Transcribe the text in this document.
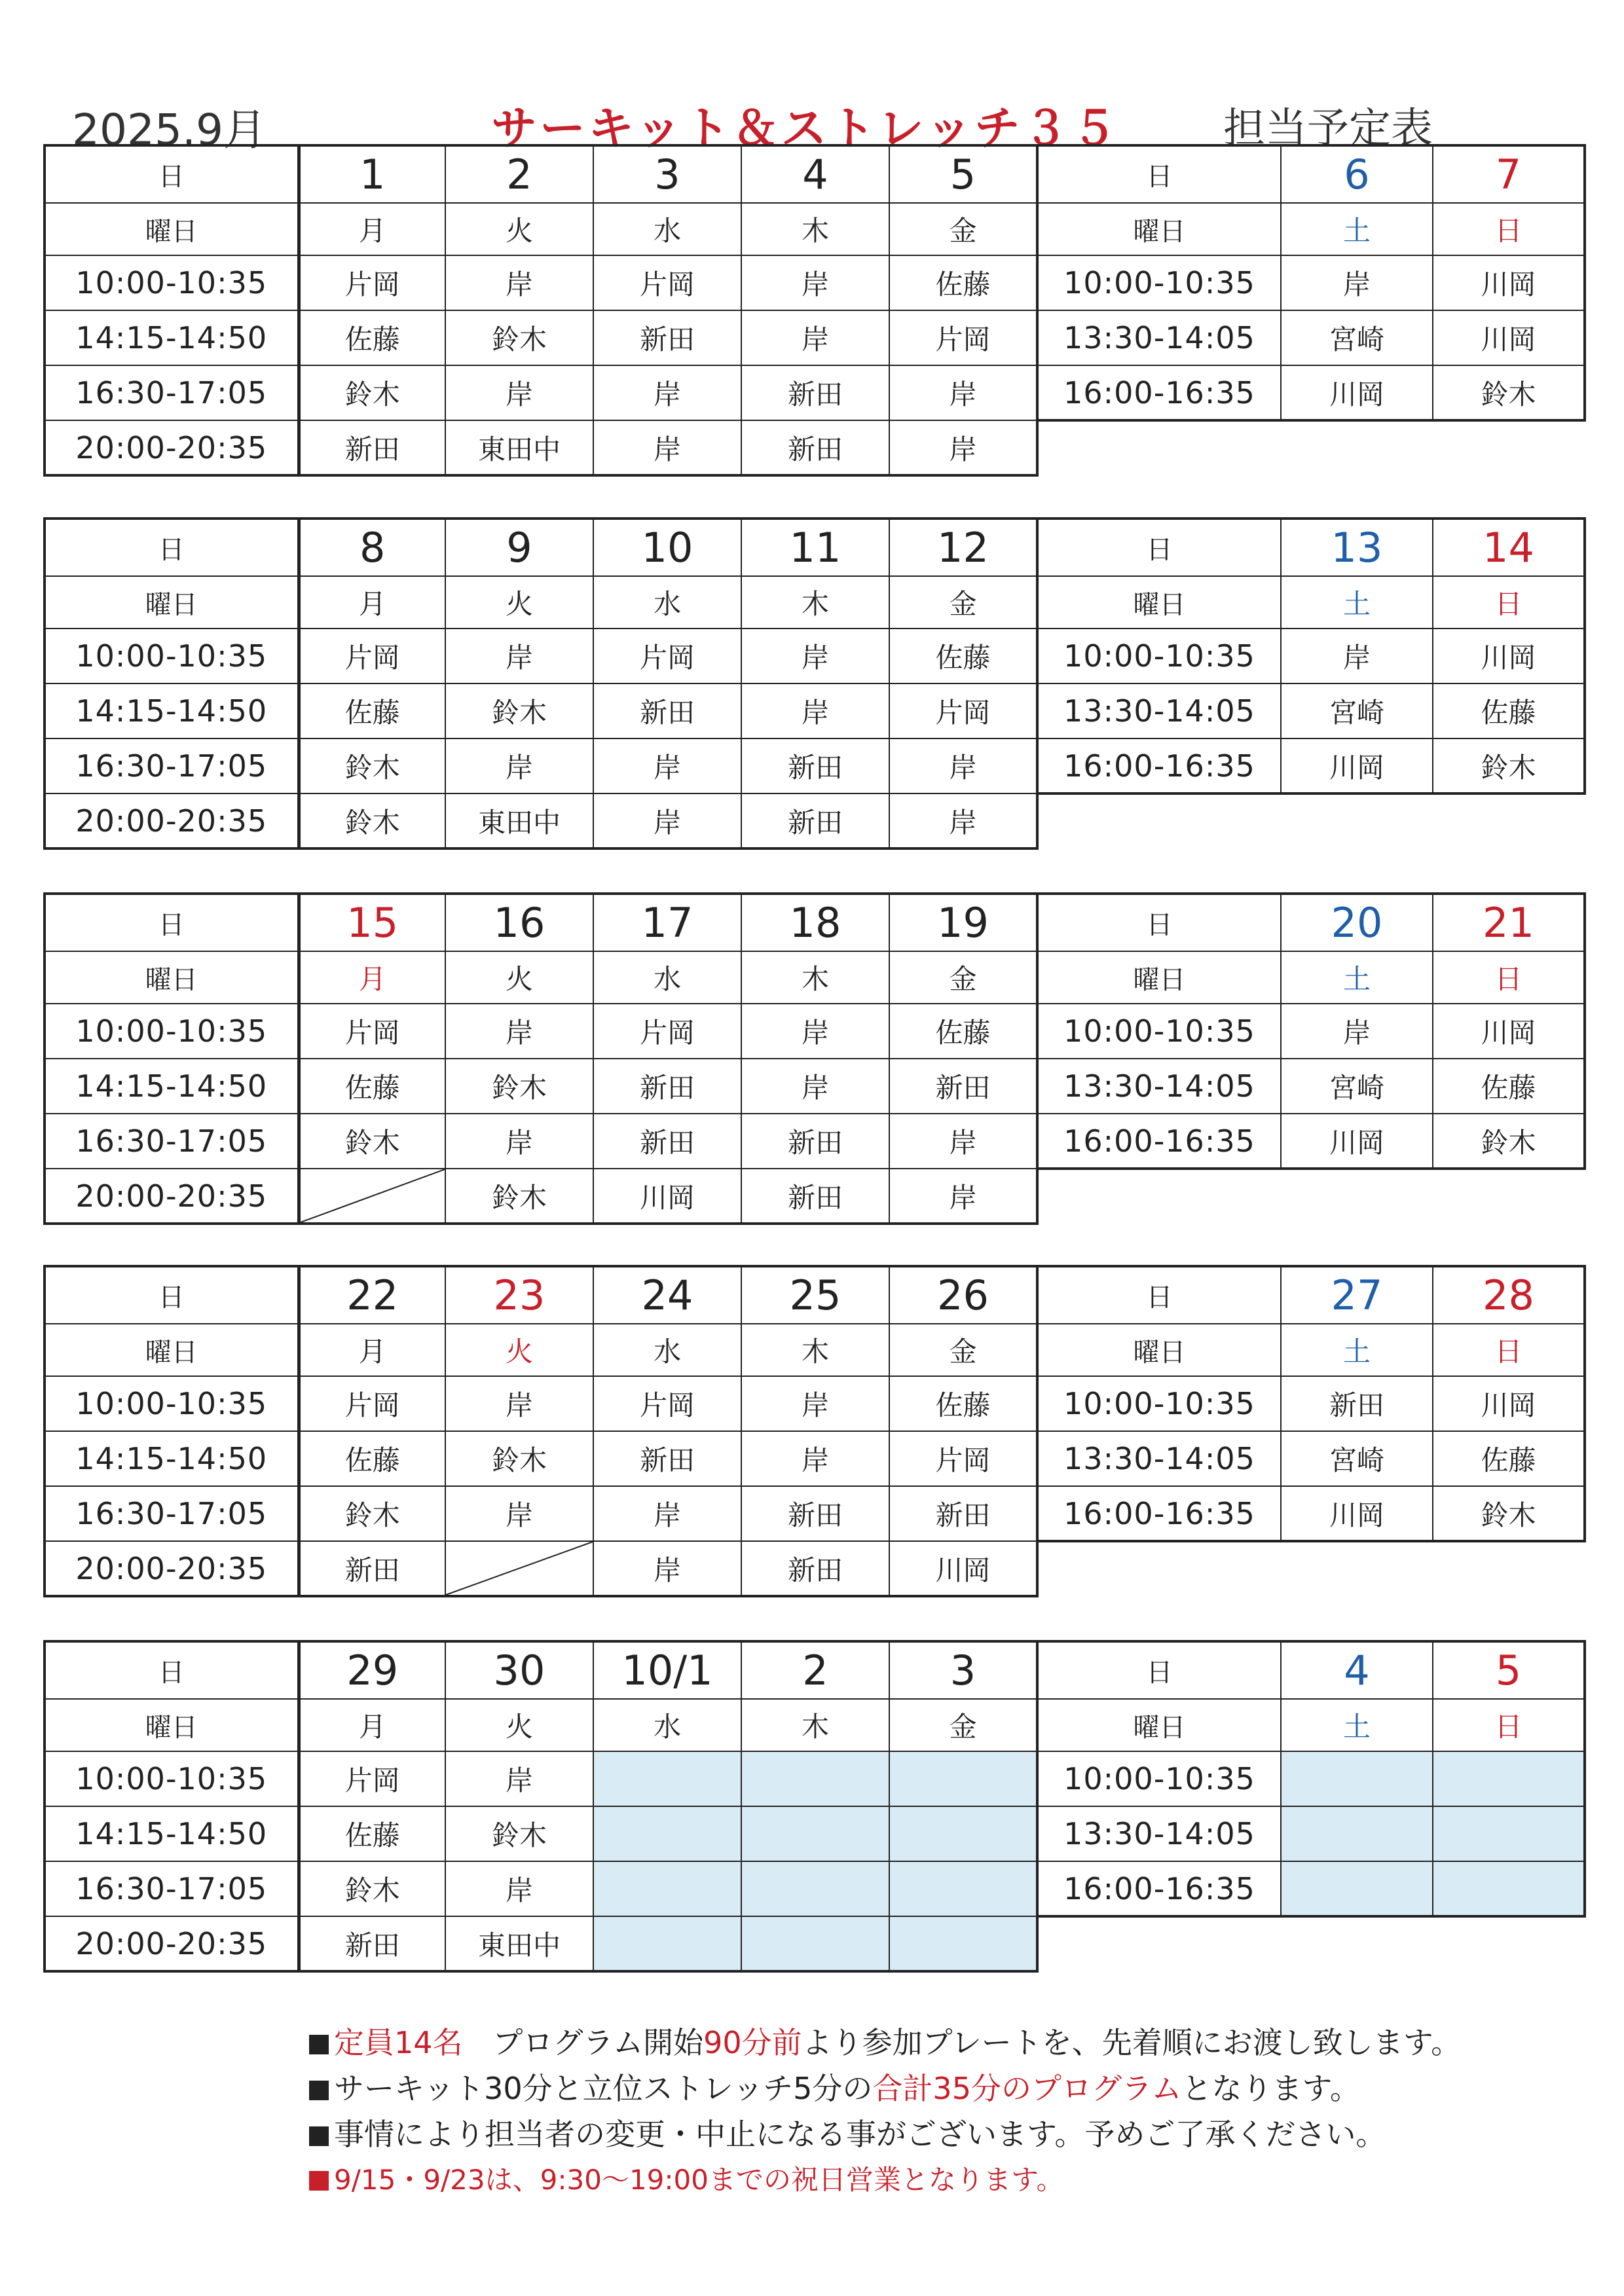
2025.9月	サーキット＆ストレッチ３５ 担当予定表
日	1	2	3	4	5
曜日	月	火	水	木	金
10:00-10:35	片岡	岸	片岡	岸	佐藤
14:15-14:50	佐藤	鈴木	新田	岸	片岡
16:30-17:05	鈴木	岸	岸	新田	岸
20:00-20:35	新田	東田中	岸	新田	岸
日	6	7
曜日	土	日
10:00-10:35	岸	川岡
13:30-14:05	宮崎	川岡
16:00-16:35	川岡	鈴木
日	8	9	10	11	12
曜日	月	火	水	木	金
10:00-10:35	片岡	岸	片岡	岸	佐藤
14:15-14:50	佐藤	鈴木	新田	岸	片岡
16:30-17:05	鈴木	岸	岸	新田	岸
20:00-20:35	鈴木	東田中	岸	新田	岸
日	13	14
曜日	土	日
10:00-10:35	岸	川岡
13:30-14:05	宮崎	佐藤
16:00-16:35	川岡	鈴木
日	15	16	17	18	19
曜日	月	火	水	木	金
10:00-10:35	片岡	岸	片岡	岸	佐藤
14:15-14:50	佐藤	鈴木	新田	岸	新田
16:30-17:05	鈴木	岸	新田	新田	岸
20:00-20:35		鈴木	川岡	新田	岸
日	20	21
曜日	土	日
10:00-10:35	岸	川岡
13:30-14:05	宮崎	佐藤
16:00-16:35	川岡	鈴木
日	22	23	24	25	26
曜日	月	火	水	木	金
10:00-10:35	片岡	岸	片岡	岸	佐藤
14:15-14:50	佐藤	鈴木	新田	岸	片岡
16:30-17:05	鈴木	岸	岸	新田	新田
20:00-20:35	新田		岸	新田	川岡
日	27	28
曜日	土	日
10:00-10:35	新田	川岡
13:30-14:05	宮崎	佐藤
16:00-16:35	川岡	鈴木
日	29	30	10/1	2	3
曜日	月	火	水	木	金
10:00-10:35	片岡	岸			
14:15-14:50	佐藤	鈴木			
16:30-17:05	鈴木	岸			
20:00-20:35	新田	東田中			
日	4	5
曜日	土	日
10:00-10:35		
13:30-14:05		
16:00-16:35		
定員14名　プログラム開始90分前より参加プレートを、先着順にお渡し致します。
サーキット30分と立位ストレッチ5分の合計35分のプログラムとなります。
事情により担当者の変更・中止になる事がございます。予めご了承ください。
9/15・9/23は、9:30～19:00までの祝日営業となります。
